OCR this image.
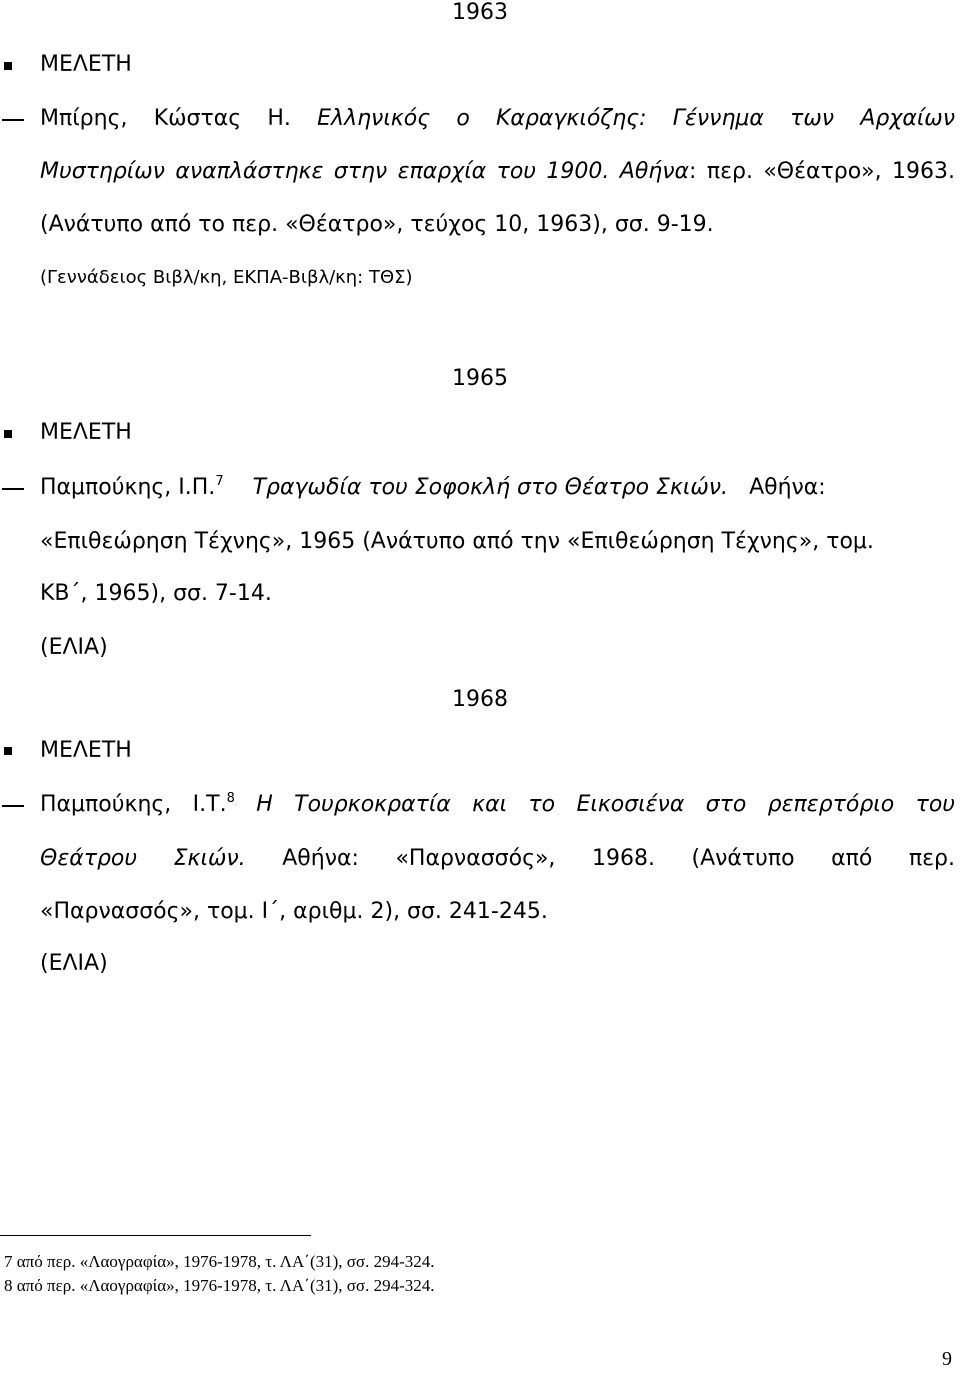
1963
ΜΕΛΕΤΗ
Μπίρης, Κώστας Η. Ελληνικός ο Καραγκιόζης: Γέννημα των Αρχαίων
Μυστηρίων αναπλάστηκε στην επαρχία του 1900. Αθήνα: περ. «Θέατρο», 1963.
(Ανάτυπο από το περ. «Θέατρο», τεύχος 10, 1963), σσ. 9-19.
(Γεννάδειος Βιβλ/κη, ΕΚΠΑ-Βιβλ/κη: ΤΘΣ)
1965
ΜΕΛΕΤΗ
Παμπούκης, Ι.Π.$^7$ Τραγωδία του Σοφοκλή στο Θέατρο Σκιών. Αθήνα:
«Επιθεώρηση Τέχνης», 1965 (Ανάτυπο από την «Επιθεώρηση Τέχνης», τομ.
ΚΒ΄, 1965), σσ. 7-14.
(ΕΛΙΑ)
1968
ΜΕΛΕΤΗ
Παμπούκης, Ι.Τ.$^8$ Η Τουρκοκρατία και το Εικοσιένα στο ρεπερτόριο του
Θεάτρου Σκιών. Αθήνα: «Παρνασσός», 1968. (Ανάτυπο από περ.
«Παρνασσός», τομ. Ι΄, αριθμ. 2), σσ. 241-245.
(ΕΛΙΑ)
7 από περ. «Λαογραφία», 1976-1978, τ. ΛΑ΄(31), σσ. 294-324.
8 από περ. «Λαογραφία», 1976-1978, τ. ΛΑ΄(31), σσ. 294-324.
9
